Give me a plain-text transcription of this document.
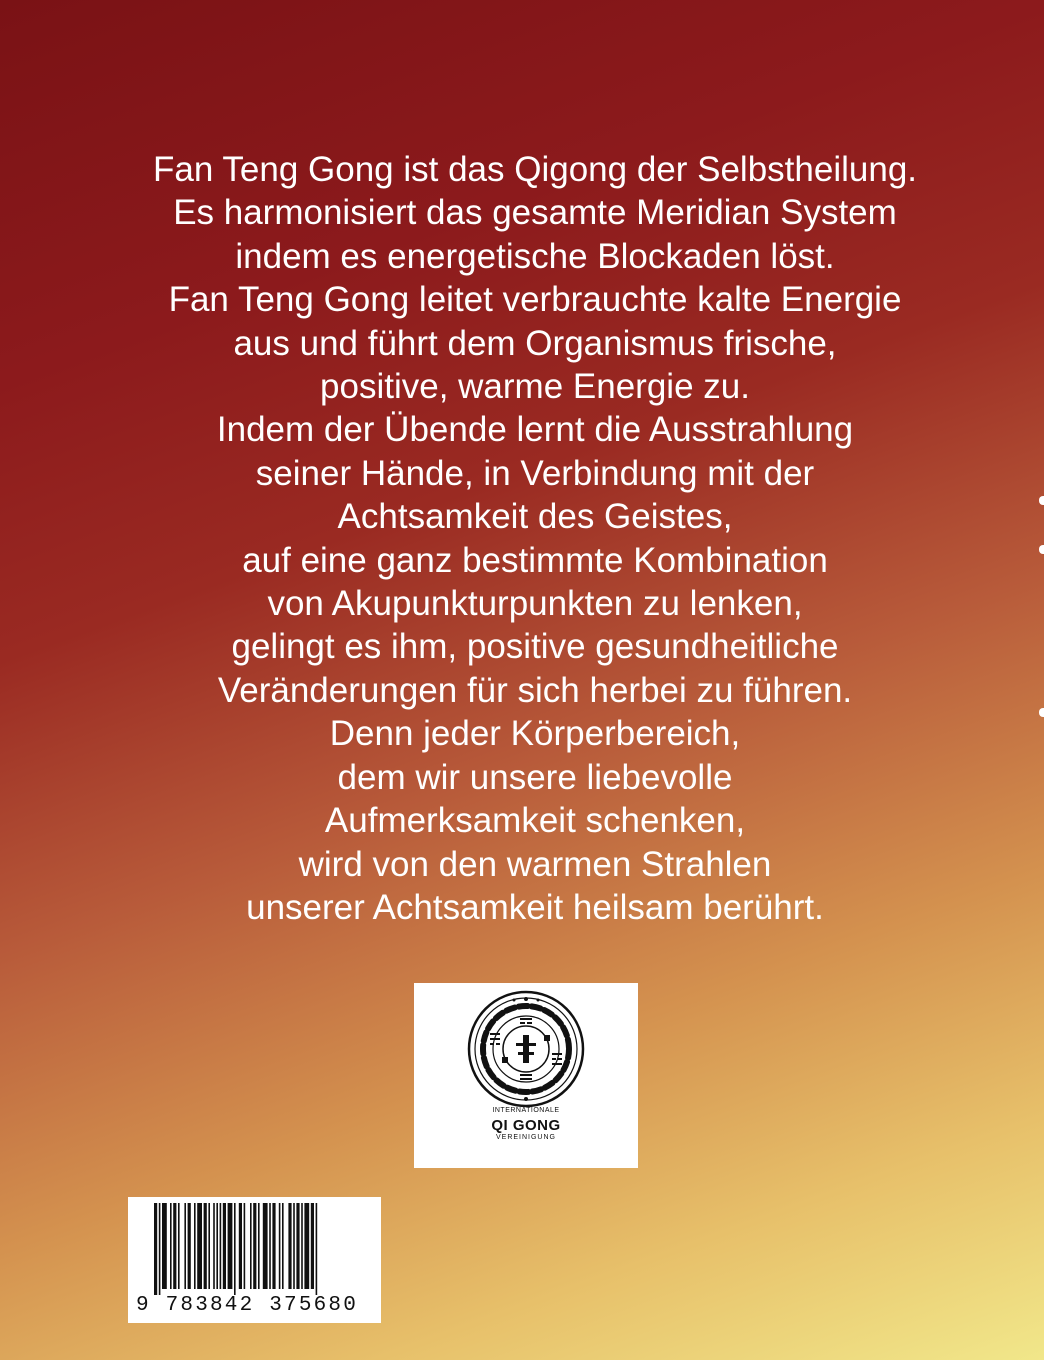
Fan Teng Gong ist das Qigong der Selbstheilung.
Es harmonisiert das gesamte Meridian System
indem es energetische Blockaden löst.
Fan Teng Gong leitet verbrauchte kalte Energie
aus und führt dem Organismus frische,
positive, warme Energie zu.
Indem der Übende lernt die Ausstrahlung
seiner Hände, in Verbindung mit der
Achtsamkeit des Geistes,
auf eine ganz bestimmte Kombination
von Akupunkturpunkten zu lenken,
gelingt es ihm, positive gesundheitliche
Veränderungen für sich herbei zu führen.
Denn jeder Körperbereich,
dem wir unsere liebevolle
Aufmerksamkeit schenken,
wird von den warmen Strahlen
unserer Achtsamkeit heilsam berührt.
INTERNATIONALE
QI GONG
VEREINIGUNG
9 783842 375680
